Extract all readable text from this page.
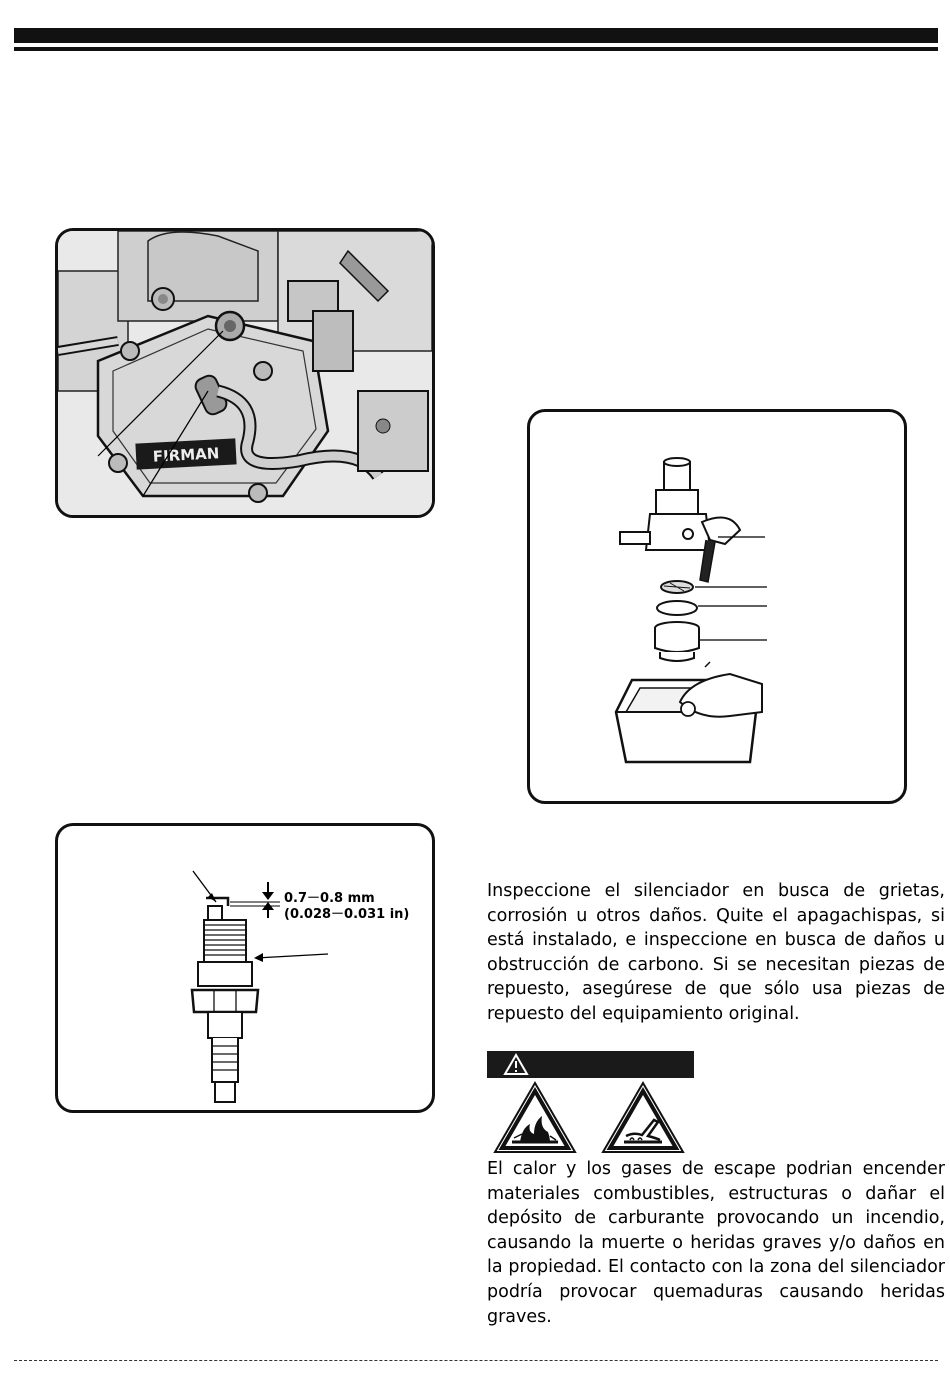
FIRMAN
0.7－0.8 mm
(0.028－0.031 in)

Inspeccione el silenciador en busca de grietas, corrosión u otros daños. Quite el apagachispas, si está instalado, e inspeccione en busca de daños u obstrucción de carbono. Si se necesitan piezas de repuesto, asegúrese de que sólo usa piezas de repuesto del equipamiento original.

El calor y los gases de escape podrian encender materiales combustibles, estructuras o dañar el depósito de carburante provocando un incendio, causando la muerte o heridas graves y/o daños en la propiedad. El contacto con la zona del silenciador podría provocar quemaduras causando heridas graves.
